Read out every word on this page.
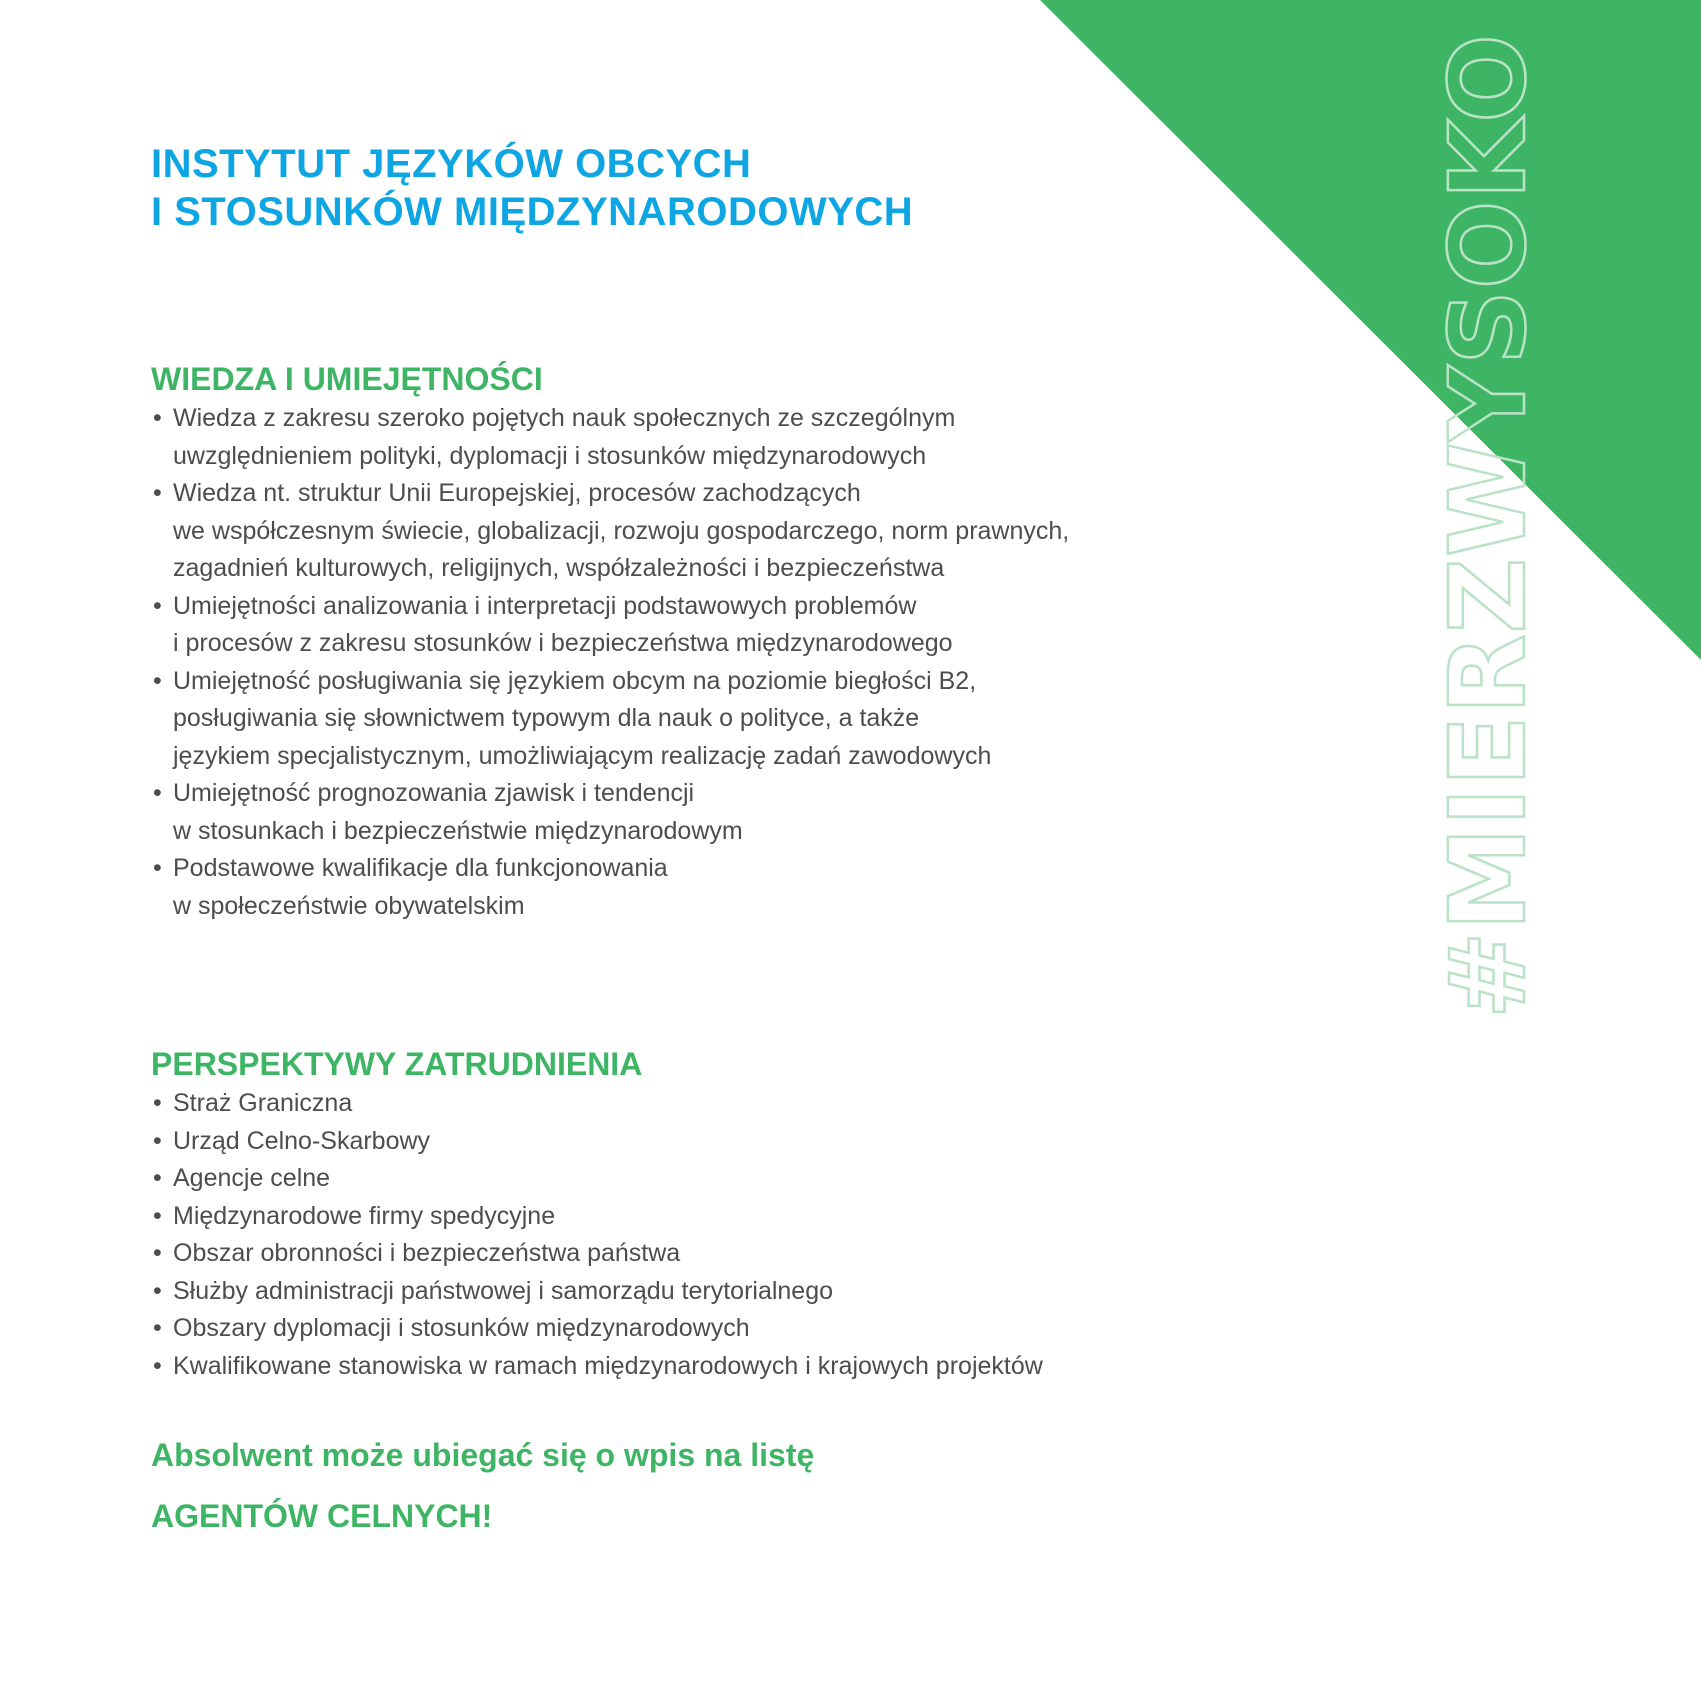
#MIERZWYSOKO
INSTYTUT JĘZYKÓW OBCYCH
I STOSUNKÓW MIĘDZYNARODOWYCH
WIEDZA I UMIEJĘTNOŚCI
• Wiedza z zakresu szeroko pojętych nauk społecznych ze szczególnym
uwzględnieniem polityki, dyplomacji i stosunków międzynarodowych
• Wiedza nt. struktur Unii Europejskiej, procesów zachodzących
we współczesnym świecie, globalizacji, rozwoju gospodarczego, norm prawnych,
zagadnień kulturowych, religijnych, współzależności i bezpieczeństwa
• Umiejętności analizowania i interpretacji podstawowych problemów
i procesów z zakresu stosunków i bezpieczeństwa międzynarodowego
• Umiejętność posługiwania się językiem obcym na poziomie biegłości B2,
posługiwania się słownictwem typowym dla nauk o polityce, a także
językiem specjalistycznym, umożliwiającym realizację zadań zawodowych
• Umiejętność prognozowania zjawisk i tendencji
w stosunkach i bezpieczeństwie międzynarodowym
• Podstawowe kwalifikacje dla funkcjonowania
w społeczeństwie obywatelskim
PERSPEKTYWY ZATRUDNIENIA
• Straż Graniczna
• Urząd Celno-Skarbowy
• Agencje celne
• Międzynarodowe firmy spedycyjne
• Obszar obronności i bezpieczeństwa państwa
• Służby administracji państwowej i samorządu terytorialnego
• Obszary dyplomacji i stosunków międzynarodowych
• Kwalifikowane stanowiska w ramach międzynarodowych i krajowych projektów

Absolwent może ubiegać się o wpis na listę
AGENTÓW CELNYCH!
